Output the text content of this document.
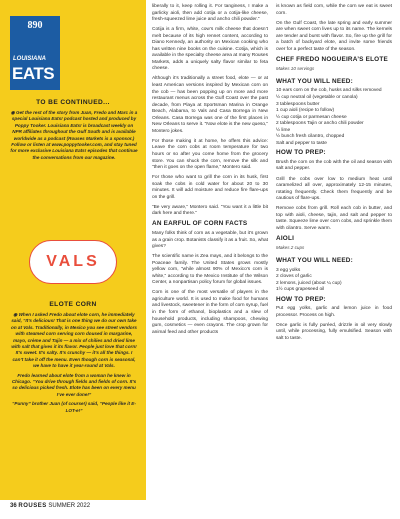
890
LOUISIANA
EATS
TO BE CONTINUED...

◉ Get the rest of the story from Juan, Fredo and Marc in a special Louisiana Eats! podcast hosted and produced by Poppy Tooker. Louisiana Eats! is broadcast weekly on NPR affiliates throughout the Gulf South and is available worldwide as a podcast (Rouses Markets is a sponsor.) Follow or listen at www.poppytooker.com, and stay tuned for more exclusive Louisiana Eats! episodes that continue the conversations from our magazine.

VALS
ELOTE CORN

◉ When I asked Fredo about elote corn, he immediately said, “It’s delicious! That is one thing we do our own take on at Vals. Traditionally, in Mexico you see street vendors with steamed corn serving corn doused in margarine, mayo, crème and Tajin — a mix of chilies and dried lime with salt that gives it its flavor. People just love that corn! It’s sweet. It’s salty. It’s crunchy — it’s all the things. I can’t take it off the menu. Even though corn is seasonal, we have to have it year-round at Vals.

Fredo learned about elote from a woman he knew in Chicago. “You drive through fields and fields of corn. It’s so delicious picked fresh. Elote has been on every menu I’ve ever done!”

“Punny” brother Juan (of course!) said, “People like it E-LOT-e!”

liberally to it, keep rolling it. For tanginess, I make a garlicky aioli, then add cotija or a cotija-like cheese, fresh-squeezed lime juice and ancho chili powder.”

Cotija is a firm, white, cow’s milk cheese that doesn’t melt because of its high rennet content, according to Diano Kennedy, an authority on Mexican cooking who has written nine books on the cuisine. Cotija, which is available in the specialty cheese area at many Rouses Markets, adds a uniquely salty flavor similar to feta cheese.

Although it’s traditionally a street food, elote — or at least American versions inspired by Mexican corn on the cob — has been popping up on more and more restaurant menus across the Gulf Coast over the past decade, from Playa at Sportsman Marina in Orange Beach, Alabama, to Vals and Casa Borrega in New Orleans. Casa Borrega was one of the first places in New Orleans to serve it. “Now elote is the new queso,” Montero jokes.

For those making it at home, he offers this advice: Leave the corn cobs at room temperature for two hours or so after you come home from the grocery store. You can shuck the corn, remove the silk and “then it goes on the open flame,” Montero said.

For those who want to grill the corn in its husk, first soak the cobs in cold water for about 20 to 30 minutes. It will add moisture and reduce fire flare-ups on the grill.

“Be very aware,” Montero said. “You want it a little bit dark here and there.”

AN EARFUL OF CORN FACTS

Many folks think of corn as a vegetable, but it’s grown as a grain crop. Botanists classify it as a fruit. So, what gives?

The scientific name is Zea mays, and it belongs to the Poaceae family. The United States grows mostly yellow corn, “while almost 90% of Mexico’s corn is white,” according to the Mexico Institute of the Wilson Center, a nonpartisan policy forum for global issues.

Corn is one of the most versatile of players in the agriculture world. It is used to make food for humans and livestock, sweetener in the form of corn syrup, fuel in the form of ethanol, bioplastics and a slew of household products, including shampoos, chewing gum, cosmetics — even crayons. The crop grown for animal feed and other products

is known as field corn, while the corn we eat is sweet corn.

On the Gulf Coast, the late spring and early summer are when sweet corn lives up to its name. The kernels are tender and burst with flavor. So, fire up the grill for a batch of backyard elote, and invite some friends over for a perfect taste of the season.

CHEF FREDO NOGUEIRA’S ELOTE
Makes 10 servings
WHAT YOU WILL NEED:
10 ears corn on the cob, husks and silks removed
½ cup neutral oil (vegetable or canola)
3 tablespoons butter
1 cup aioli (recipe to follow)
½ cup cotija or parmesan cheese
2 tablespoons Tajin or ancho chili powder
½ lime
½ bunch fresh cilantro, chopped
Salt and pepper to taste
HOW TO PREP:

Brush the corn on the cob with the oil and season with salt and pepper.

Grill the cobs over low to medium heat until caramelized all over, approximately 12-15 minutes, rotating frequently. Check them frequently and be cautious of flare-ups.

Remove cobs from grill. Roll each cob in butter, and top with aioli, cheese, tajin, and salt and pepper to taste. Squeeze lime over corn cobs, and sprinkle them with cilantro. Serve warm.

AIOLI
Makes 2 cups
WHAT YOU WILL NEED:
3 egg yolks
2 cloves of garlic
2 lemons, juiced (about ¼ cup)
1½ cups grapeseed oil
HOW TO PREP:

Put egg yolks, garlic and lemon juice in food processor. Process on high.

Once garlic is fully puréed, drizzle in oil very slowly until, while processing, fully emulsified. Season with salt to taste.

36 ROUSES SUMMER 2022
